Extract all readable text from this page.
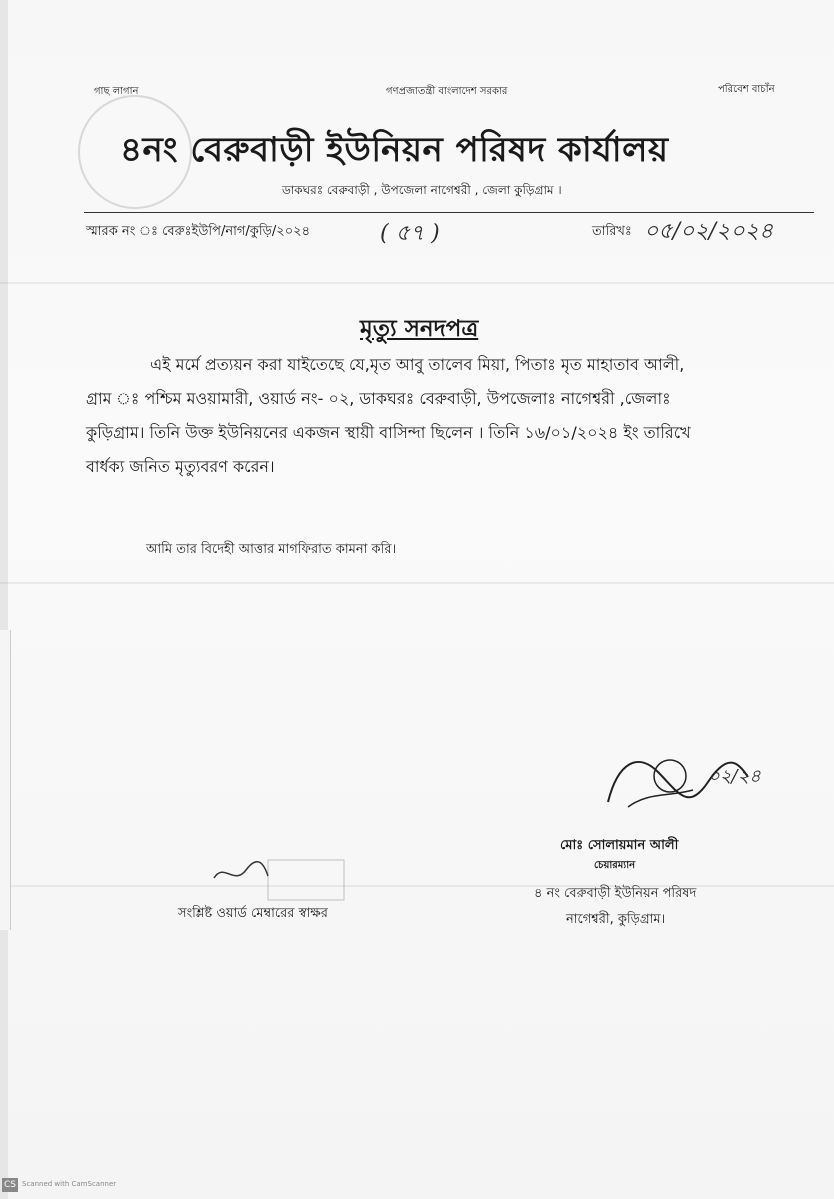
গাছ লাগান	গণপ্রজাতন্ত্রী বাংলাদেশ সরকার	পরিবেশ বাচাঁন
৪নং বেরুবাড়ী ইউনিয়ন পরিষদ কার্যালয়
ডাকঘরঃ বেরুবাড়ী , উপজেলা নাগেশ্বরী , জেলা কুড়িগ্রাম ।
স্মারক নং ঃ বেরুঃইউপি/নাগ/কুড়ি/২০২৪	( ৫৭ )	তারিখঃ ০৫/০২/২০২৪
মৃত্যু সনদপত্র
এই মর্মে প্রত্যয়ন করা যাইতেছে যে,মৃত আবু তালেব মিয়া, পিতাঃ মৃত মাহাতাব আলী,
গ্রাম ঃ পশ্চিম মওয়ামারী, ওয়ার্ড নং- ০২, ডাকঘরঃ বেরুবাড়ী, উপজেলাঃ নাগেশ্বরী ,জেলাঃ
কুড়িগ্রাম। তিনি উক্ত ইউনিয়নের একজন স্থায়ী বাসিন্দা ছিলেন । তিনি ১৬/০১/২০২৪ ইং তারিখে
বার্ধক্য জনিত মৃত্যুবরণ করেন।
আমি তার বিদেহী আত্তার মাগফিরাত কামনা করি।
০২/২৪
মোঃ সোলায়মান আলী
চেয়ারম্যান
৪ নং বেরুবাড়ী ইউনিয়ন পরিষদ
নাগেশ্বরী, কুড়িগ্রাম।
সংশ্লিষ্ট ওয়ার্ড মেম্বারের স্বাক্ষর
CS Scanned with CamScanner
